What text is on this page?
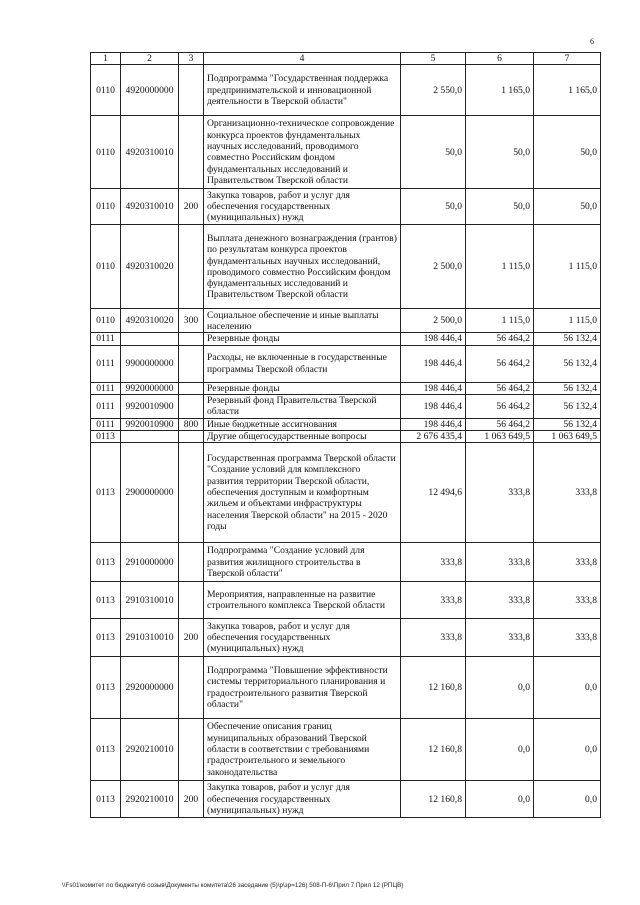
6
1	2	3	4	5	6	7
0110	4920000000		Подпрограмма "Государственная поддержка предпринимательской и инновационной деятельности в Тверской области"	2 550,0	1 165,0	1 165,0
0110	4920310010		Организационно-техническое сопровождение конкурса проектов фундаментальных научных исследований, проводимого совместно Российским фондом фундаментальных исследований и Правительством Тверской области	50,0	50,0	50,0
0110	4920310010	200	Закупка товаров, работ и услуг для обеспечения государственных (муниципальных) нужд	50,0	50,0	50,0
0110	4920310020		Выплата денежного вознаграждения (грантов) по результатам конкурса проектов фундаментальных научных исследований, проводимого совместно Российским фондом фундаментальных исследований и Правительством Тверской области	2 500,0	1 115,0	1 115,0
0110	4920310020	300	Социальное обеспечение и иные выплаты населению	2 500,0	1 115,0	1 115,0
0111			Резервные фонды	198 446,4	56 464,2	56 132,4
0111	9900000000		Расходы, не включенные в государственные программы Тверской области	198 446,4	56 464,2	56 132,4
0111	9920000000		Резервные фонды	198 446,4	56 464,2	56 132,4
0111	9920010900		Резервный фонд Правительства Тверской области	198 446,4	56 464,2	56 132,4
0111	9920010900	800	Иные бюджетные ассигнования	198 446,4	56 464,2	56 132,4
0113			Другие общегосударственные вопросы	2 676 435,4	1 063 649,5	1 063 649,5
0113	2900000000		Государственная программа Тверской области "Создание условий для комплексного развития территории Тверской области, обеспечения доступным и комфортным жильем и объектами инфраструктуры населения Тверской области" на 2015 - 2020 годы	12 494,6	333,8	333,8
0113	2910000000		Подпрограмма "Создание условий для развития жилищного строительства в Тверской области"	333,8	333,8	333,8
0113	2910310010		Мероприятия, направленные на развитие строительного комплекса Тверской области	333,8	333,8	333,8
0113	2910310010	200	Закупка товаров, работ и услуг для обеспечения государственных (муниципальных) нужд	333,8	333,8	333,8
0113	2920000000		Подпрограмма "Повышение эффективности системы территориального планирования и градостроительного развития Тверской области"	12 160,8	0,0	0,0
0113	2920210010		Обеспечение описания границ муниципальных образований Тверской области в соответствии с требованиями градостроительного и земельного законодательства	12 160,8	0,0	0,0
0113	2920210010	200	Закупка товаров, работ и услуг для обеспечения государственных (муниципальных) нужд	12 160,8	0,0	0,0
\\Fs01\комитет по бюджету\6 созыв\Документы комитета\26 заседание (5)\р\зр=126) 508-П-6\Прил 7 Прил 12 (РПЦВ)
